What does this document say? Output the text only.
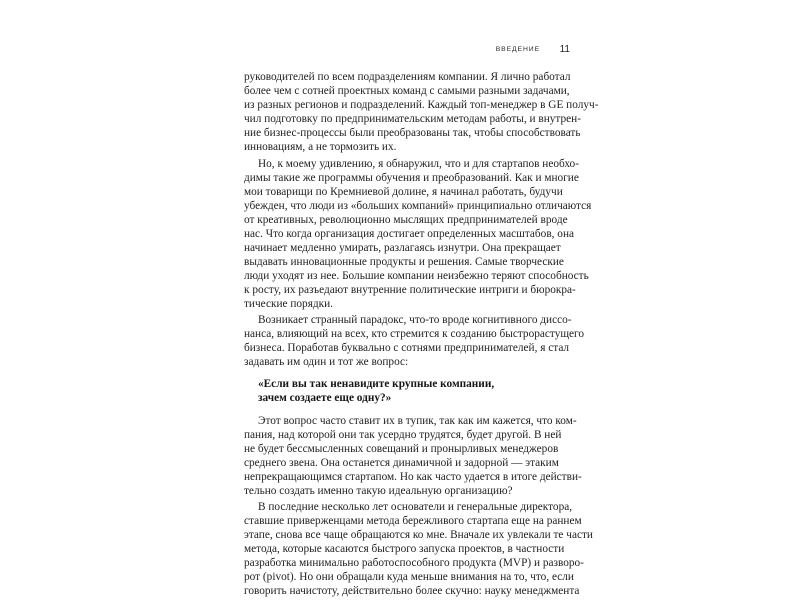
ВВЕДЕНИЕ 11
руководителей по всем подразделениям компании. Я лично работал
более чем с сотней проектных команд с самыми разными задачами,
из разных регионов и подразделений. Каждый топ-менеджер в GE получ-
чил подготовку по предпринимательским методам работы, и внутрен-
ние бизнес-процессы были преобразованы так, чтобы способствовать
инновациям, а не тормозить их.
Но, к моему удивлению, я обнаружил, что и для стартапов необхо-
димы такие же программы обучения и преобразований. Как и многие
мои товарищи по Кремниевой долине, я начинал работать, будучи
убежден, что люди из «больших компаний» принципиально отличаются
от креативных, революционно мыслящих предпринимателей вроде
нас. Что когда организация достигает определенных масштабов, она
начинает медленно умирать, разлагаясь изнутри. Она прекращает
выдавать инновационные продукты и решения. Самые творческие
люди уходят из нее. Большие компании неизбежно теряют способность
к росту, их разъедают внутренние политические интриги и бюрокра-
тические порядки.
Возникает странный парадокс, что-то вроде когнитивного диссо-
нанса, влияющий на всех, кто стремится к созданию быстрорастущего
бизнеса. Поработав буквально с сотнями предпринимателей, я стал
задавать им один и тот же вопрос:
«Если вы так ненавидите крупные компании,
зачем создаете еще одну?»
Этот вопрос часто ставит их в тупик, так как им кажется, что ком-
пания, над которой они так усердно трудятся, будет другой. В ней
не будет бессмысленных совещаний и пронырливых менеджеров
среднего звена. Она останется динамичной и задорной — этаким
непрекращающимся стартапом. Но как часто удается в итоге действи-
тельно создать именно такую идеальную организацию?
В последние несколько лет основатели и генеральные директора,
ставшие приверженцами метода бережливого стартапа еще на раннем
этапе, снова все чаще обращаются ко мне. Вначале их увлекали те части
метода, которые касаются быстрого запуска проектов, в частности
разработка минимально работоспособного продукта (MVP) и разворо-
рот (pivot). Но они обращали куда меньше внимания на то, что, если
говорить начистоту, действительно более скучно: науку менеджмента
